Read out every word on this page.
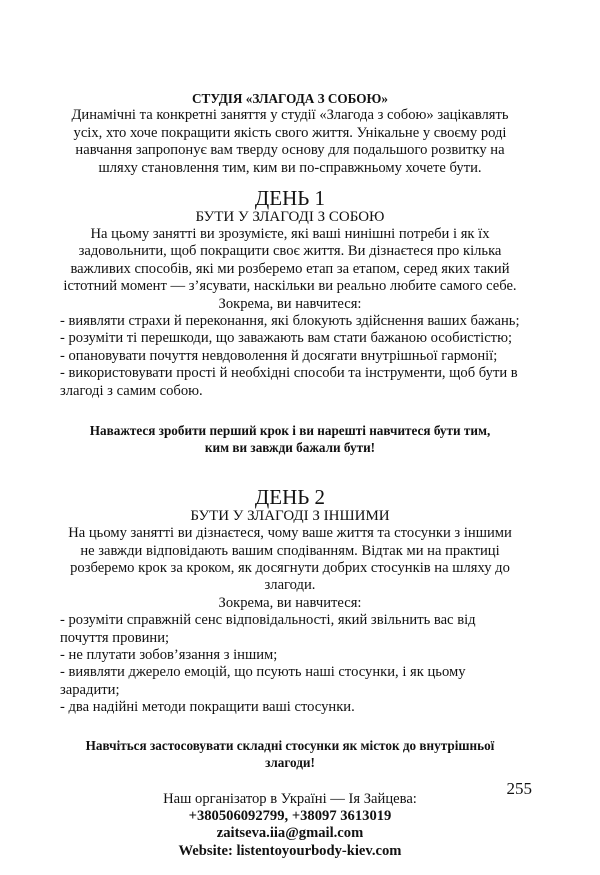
СТУДІЯ «ЗЛАГОДА З СОБОЮ»

Динамічні та конкретні заняття у студії «Злагода з собою» зацікавлять усіх, хто хоче покращити якість свого життя. Унікальне у своєму роді навчання запропонує вам тверду основу для подальшого розвитку на шляху становлення тим, ким ви по-справжньому хочете бути.

ДЕНЬ 1
БУТИ У ЗЛАГОДІ З СОБОЮ

На цьому занятті ви зрозумієте, які ваші нинішні потреби і як їх задовольнити, щоб покращити своє життя. Ви дізнаєтеся про кілька важливих способів, які ми розберемо етап за етапом, серед яких такий істотний момент — з’ясувати, наскільки ви реально любите самого себе.

Зокрема, ви навчитеся:

- виявляти страхи й переконання, які блокують здійснення ваших бажань;

- розуміти ті перешкоди, що заважають вам стати бажаною особистістю;

- опановувати почуття невдоволення й досягати внутрішньої гармонії;

- використовувати прості й необхідні способи та інструменти, щоб бути в злагоді з самим собою.

Наважтеся зробити перший крок і ви нарешті навчитеся бути тим,

ким ви завжди бажали бути!

ДЕНЬ 2
БУТИ У ЗЛАГОДІ З ІНШИМИ

На цьому занятті ви дізнаєтеся, чому ваше життя та стосунки з іншими не завжди відповідають вашим сподіванням. Відтак ми на практиці розберемо крок за кроком, як досягнути добрих стосунків на шляху до злагоди.

Зокрема, ви навчитеся:

- розуміти справжній сенс відповідальності, який звільнить вас від почуття провини;

- не плутати зобов’язання з іншим;

- виявляти джерело емоцій, що псують наші стосунки, і як цьому зарадити;

- два надійні методи покращити ваші стосунки.

Навчіться застосовувати складні стосунки як місток до внутрішньої злагоди!

Наш організатор в Україні — Ія Зайцева:

+380506092799, +38097 3613019

zaitseva.iia@gmail.com

Website: listentoyourbody-kiev.com

255
